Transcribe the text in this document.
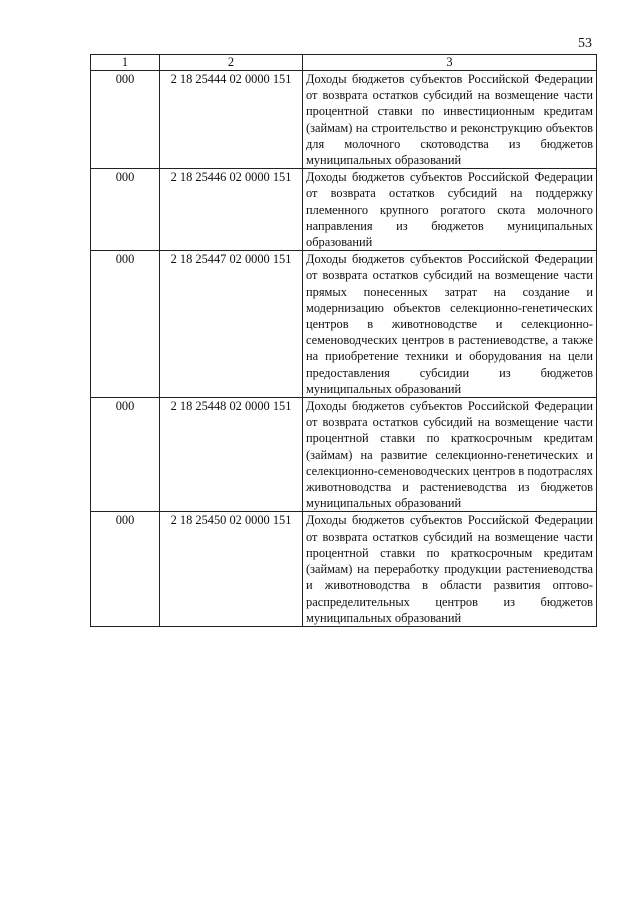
53
1	2	3
000	2 18 25444 02 0000 151	Доходы бюджетов субъектов Российской Федерации от возврата остатков субсидий на возмещение части процентной ставки по инвестиционным кредитам (займам) на строительство и реконструкцию объектов для молочного скотоводства из бюджетов муниципальных образований
000	2 18 25446 02 0000 151	Доходы бюджетов субъектов Российской Федерации от возврата остатков субсидий на поддержку племенного крупного рогатого скота молочного направления из бюджетов муниципальных образований
000	2 18 25447 02 0000 151	Доходы бюджетов субъектов Российской Федерации от возврата остатков субсидий на возмещение части прямых понесенных затрат на создание и модернизацию объектов селекционно-генетических центров в животноводстве и селекционно-семеноводческих центров в растениеводстве, а также на приобретение техники и оборудования на цели предоставления субсидии из бюджетов муниципальных образований
000	2 18 25448 02 0000 151	Доходы бюджетов субъектов Российской Федерации от возврата остатков субсидий на возмещение части процентной ставки по краткосрочным кредитам (займам) на развитие селекционно-генетических и селекционно-семеноводческих центров в подотраслях животноводства и растениеводства из бюджетов муниципальных образований
000	2 18 25450 02 0000 151	Доходы бюджетов субъектов Российской Федерации от возврата остатков субсидий на возмещение части процентной ставки по краткосрочным кредитам (займам) на переработку продукции растениеводства и животноводства в области развития оптово-распределительных центров из бюджетов муниципальных образований
